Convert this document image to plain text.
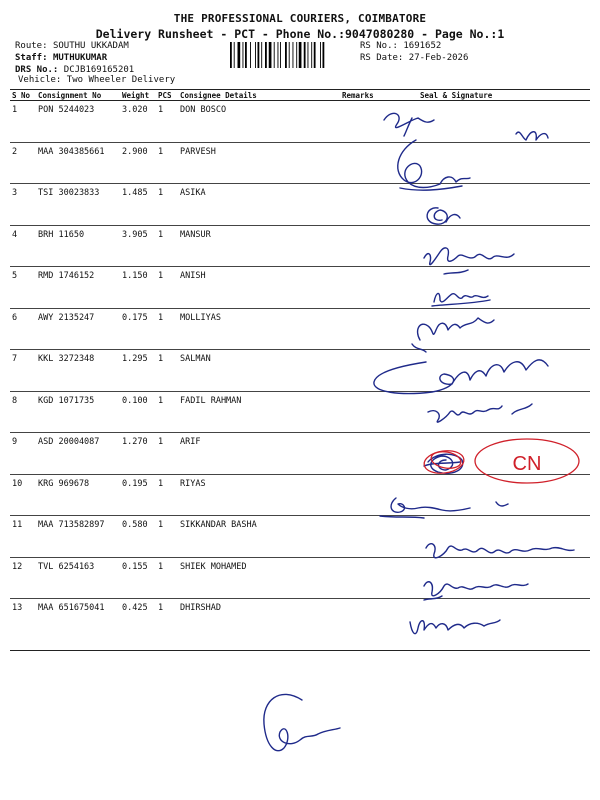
THE PROFESSIONAL COURIERS, COIMBATORE
Delivery Runsheet - PCT - Phone No.:9047080280 - Page No.:1
Route: SOUTHU UKKADAM
Staff: MUTHUKUMAR
DRS No.: DCJB169165201
Vehicle: Two Wheeler Delivery
RS No.: 1691652
RS Date: 27-Feb-2026
S No	Consignment No	Weight	PCS	Consignee Details	Remarks	Seal & Signature
1	PON 5244023	3.020	1	DON BOSCO		
2	MAA 304385661	2.900	1	PARVESH		
3	TSI 30023833	1.485	1	ASIKA		
4	BRH 11650	3.905	1	MANSUR		
5	RMD 1746152	1.150	1	ANISH		
6	AWY 2135247	0.175	1	MOLLIYAS		
7	KKL 3272348	1.295	1	SALMAN		
8	KGD 1071735	0.100	1	FADIL RAHMAN		
9	ASD 20004087	1.270	1	ARIF		
10	KRG 969678	0.195	1	RIYAS		
11	MAA 713582897	0.580	1	SIKKANDAR BASHA		
12	TVL 6254163	0.155	1	SHIEK MOHAMED		
13	MAA 651675041	0.425	1	DHIRSHAD		
CN
